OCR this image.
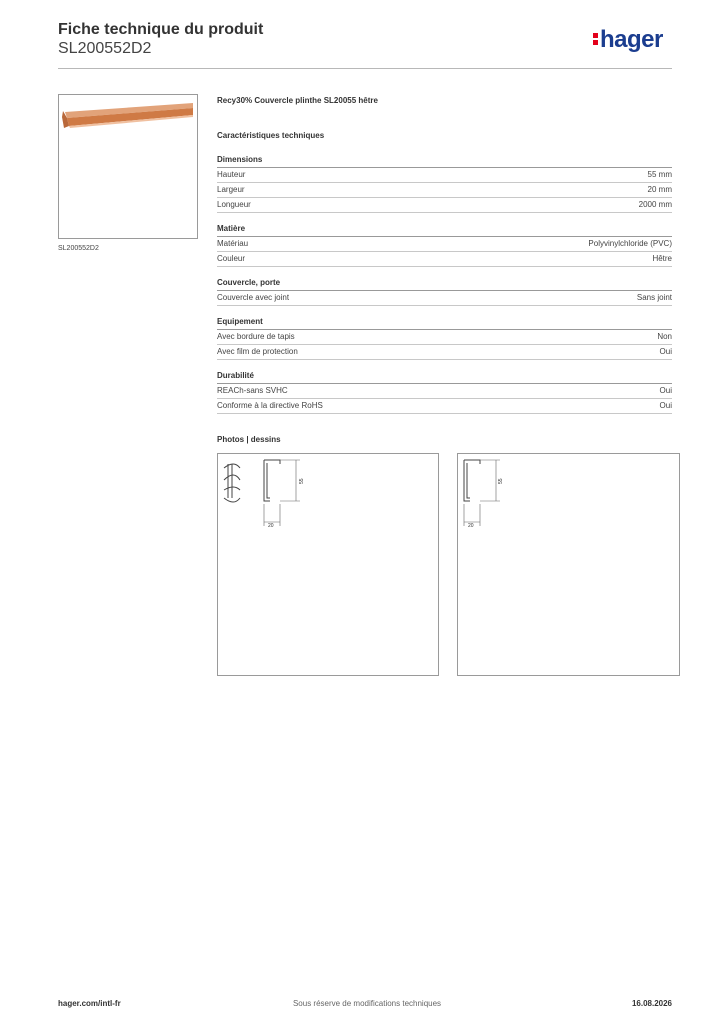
Fiche technique du produit
SL200552D2	hager
SL200552D2
Recy30% Couvercle plinthe SL20055 hêtre
Caractéristiques techniques
Dimensions
Hauteur	55 mm
Largeur	20 mm
Longueur	2000 mm
Matière
Matériau	Polyvinylchloride (PVC)
Couleur	Hêtre
Couvercle, porte
Couvercle avec joint	Sans joint
Equipement
Avec bordure de tapis	Non
Avec film de protection	Oui
Durabilité
REACh-sans SVHC	Oui
Conforme à la directive RoHS	Oui
Photos | dessins
55
20
55
20
hager.com/intl-fr	Sous réserve de modifications techniques	16.08.2026
